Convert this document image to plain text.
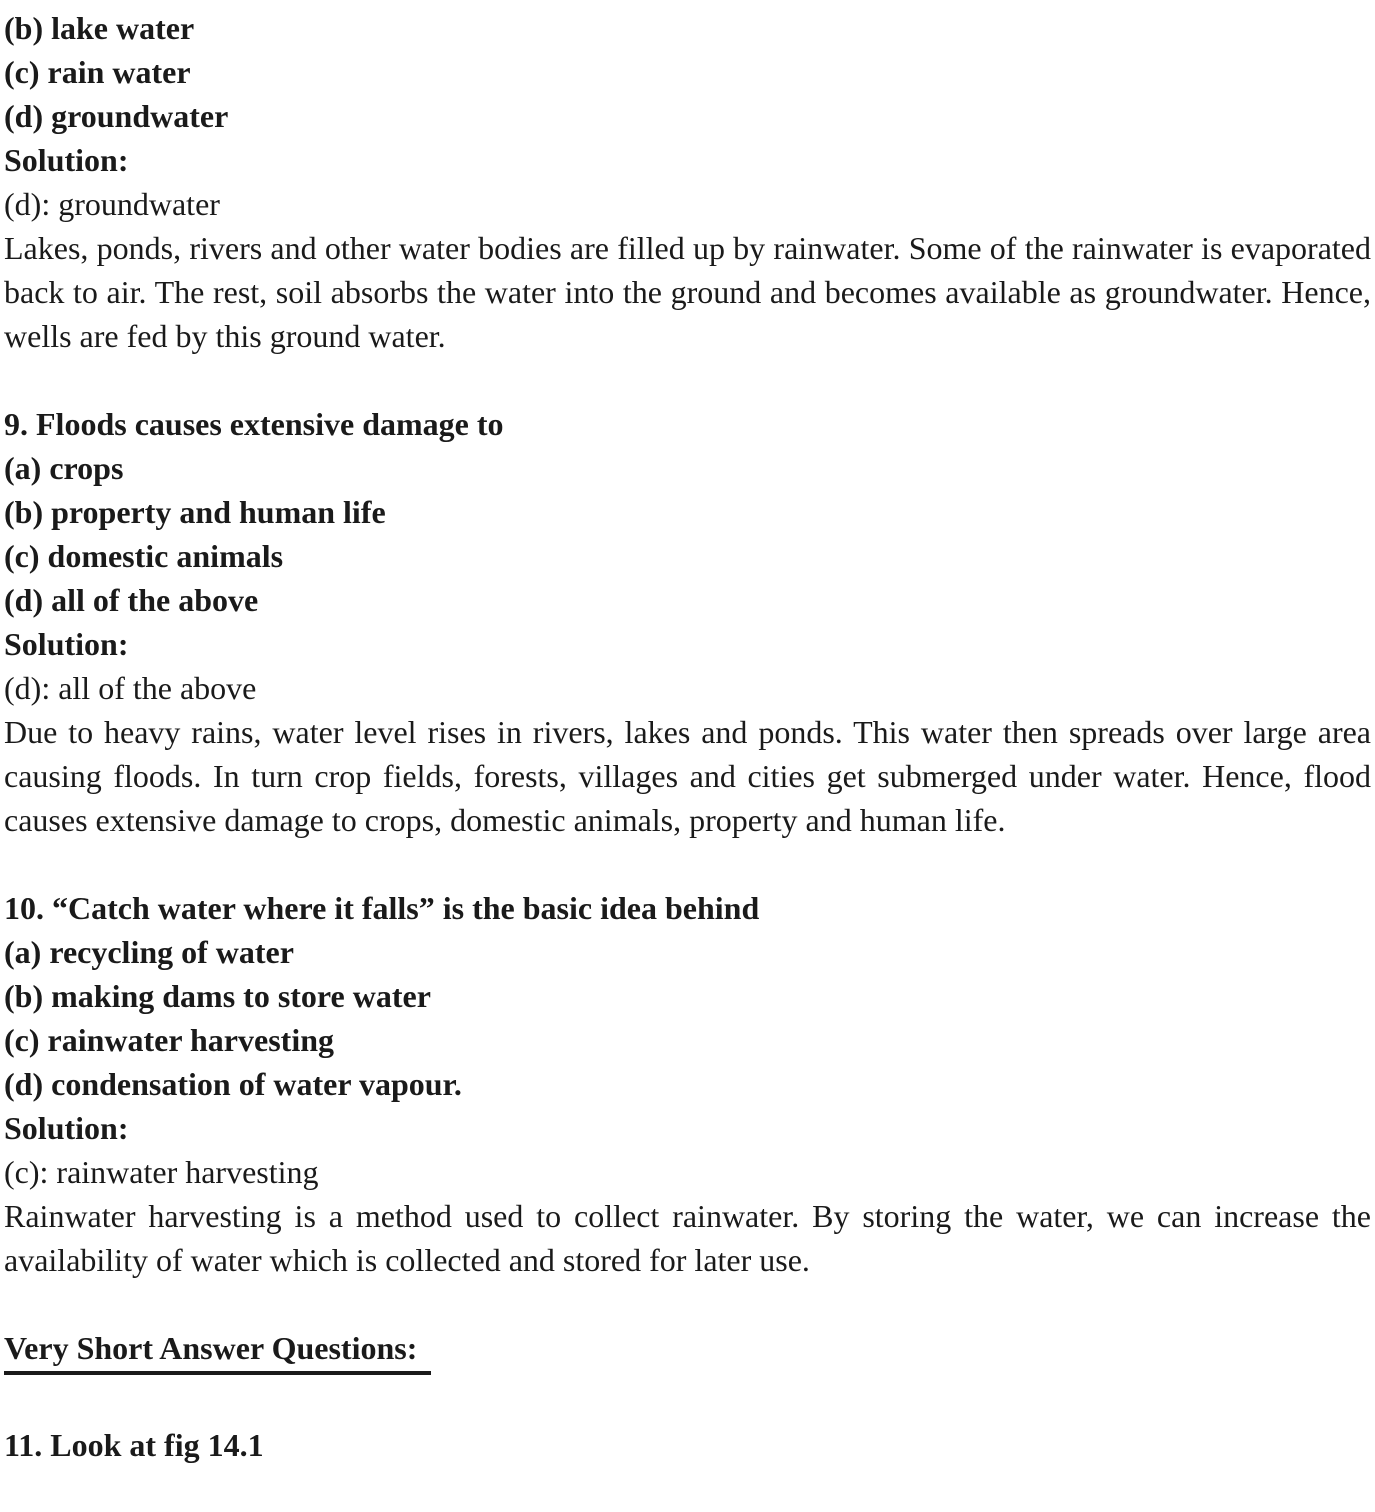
(b) lake water
(c) rain water
(d) groundwater
Solution:
(d): groundwater
Lakes, ponds, rivers and other water bodies are filled up by rainwater. Some of the rainwater is evaporated back to air. The rest, soil absorbs the water into the ground and becomes available as groundwater. Hence, wells are fed by this ground water.
9. Floods causes extensive damage to
(a) crops
(b) property and human life
(c) domestic animals
(d) all of the above
Solution:
(d): all of the above
Due to heavy rains, water level rises in rivers, lakes and ponds. This water then spreads over large area causing floods. In turn crop fields, forests, villages and cities get submerged under water. Hence, flood causes extensive damage to crops, domestic animals, property and human life.
10. “Catch water where it falls” is the basic idea behind
(a) recycling of water
(b) making dams to store water
(c) rainwater harvesting
(d) condensation of water vapour.
Solution:
(c): rainwater harvesting
Rainwater harvesting is a method used to collect rainwater. By storing the water, we can increase the availability of water which is collected and stored for later use.
Very Short Answer Questions:
11. Look at fig 14.1
